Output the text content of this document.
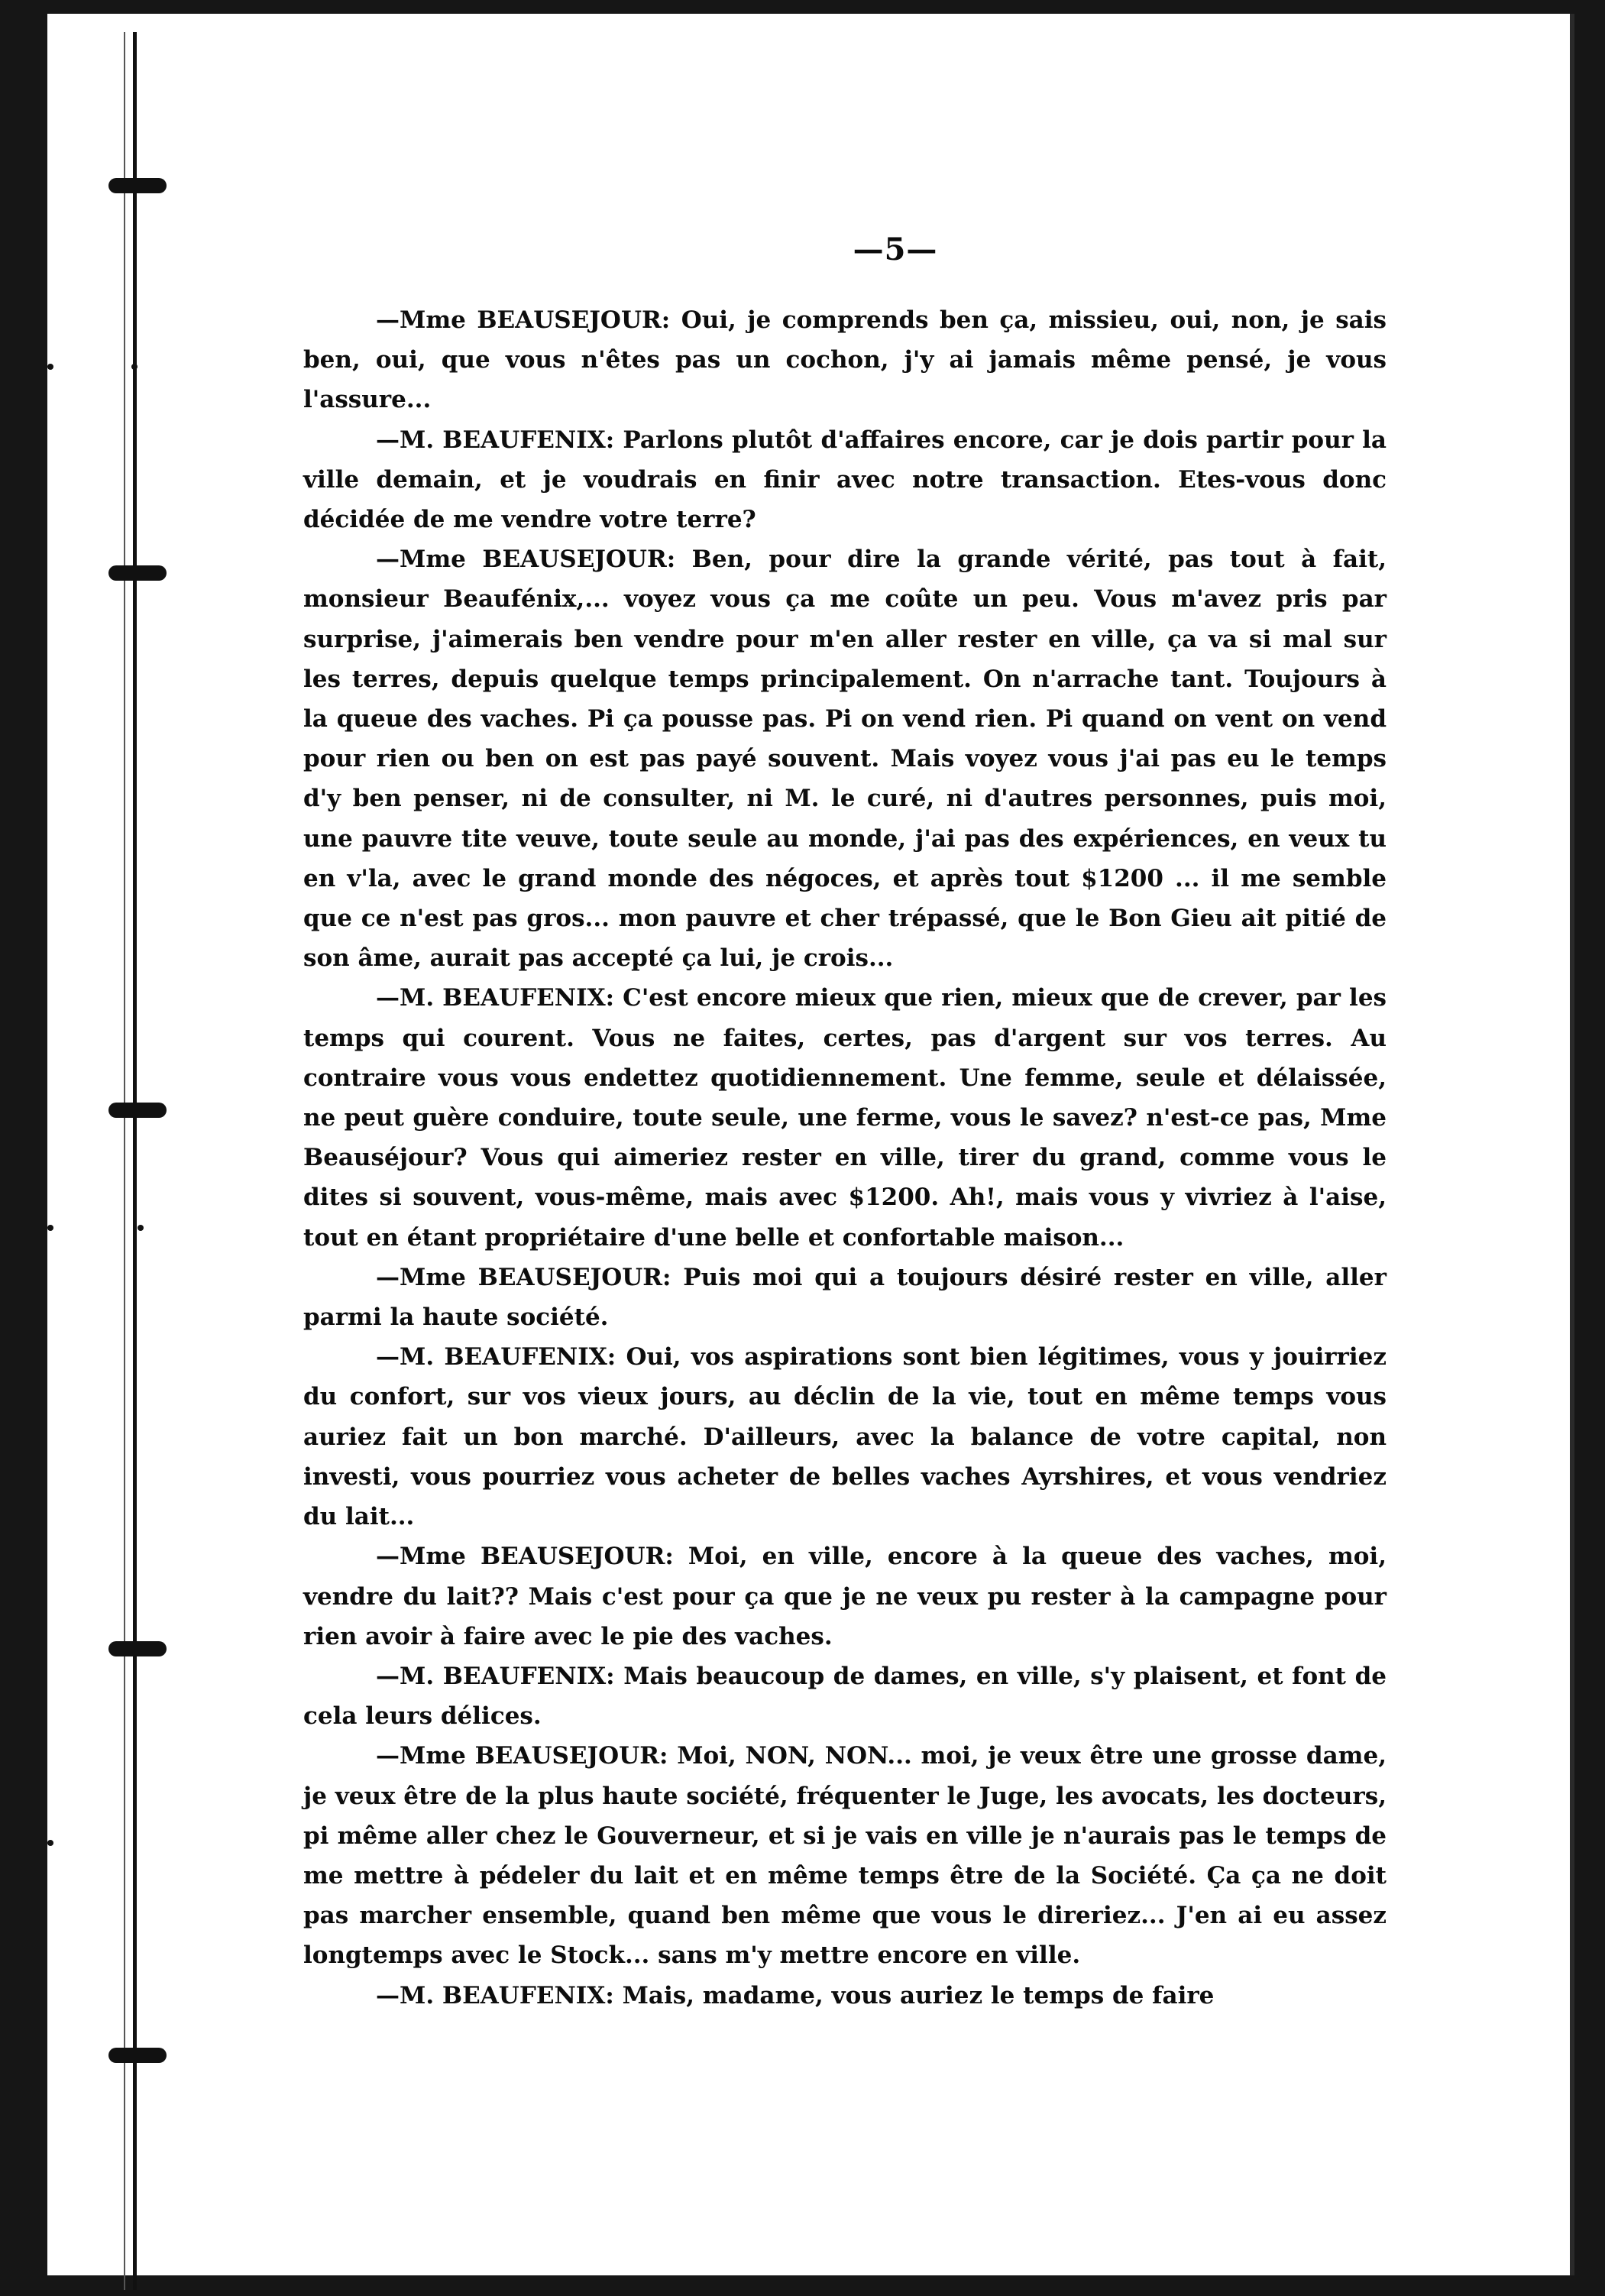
—5—

—Mme BEAUSEJOUR: Oui, je comprends ben ça, missieu, oui, non, je sais ben, oui, que vous n'êtes pas un cochon, j'y ai jamais même pensé, je vous l'assure...

—M. BEAUFENIX: Parlons plutôt d'affaires encore, car je dois partir pour la ville demain, et je voudrais en finir avec notre transaction. Etes-vous donc décidée de me vendre votre terre?

—Mme BEAUSEJOUR: Ben, pour dire la grande vérité, pas tout à fait, monsieur Beaufénix,... voyez vous ça me coûte un peu. Vous m'avez pris par surprise, j'aimerais ben vendre pour m'en aller rester en ville, ça va si mal sur les terres, depuis quelque temps principalement. On n'arrache tant. Toujours à la queue des vaches. Pi ça pousse pas. Pi on vend rien. Pi quand on vent on vend pour rien ou ben on est pas payé souvent. Mais voyez vous j'ai pas eu le temps d'y ben penser, ni de consulter, ni M. le curé, ni d'autres personnes, puis moi, une pauvre tite veuve, toute seule au monde, j'ai pas des expériences, en veux tu en v'la, avec le grand monde des négoces, et après tout $1200 ... il me semble que ce n'est pas gros... mon pauvre et cher trépassé, que le Bon Gieu ait pitié de son âme, aurait pas accepté ça lui, je crois...

—M. BEAUFENIX: C'est encore mieux que rien, mieux que de crever, par les temps qui courent. Vous ne faites, certes, pas d'argent sur vos terres. Au contraire vous vous endettez quotidiennement. Une femme, seule et délaissée, ne peut guère conduire, toute seule, une ferme, vous le savez? n'est-ce pas, Mme Beauséjour? Vous qui aimeriez rester en ville, tirer du grand, comme vous le dites si souvent, vous-même, mais avec $1200. Ah!, mais vous y vivriez à l'aise, tout en étant propriétaire d'une belle et confortable maison...

—Mme BEAUSEJOUR: Puis moi qui a toujours désiré rester en ville, aller parmi la haute société.

—M. BEAUFENIX: Oui, vos aspirations sont bien légitimes, vous y jouirriez du confort, sur vos vieux jours, au déclin de la vie, tout en même temps vous auriez fait un bon marché. D'ailleurs, avec la balance de votre capital, non investi, vous pourriez vous acheter de belles vaches Ayrshires, et vous vendriez du lait...

—Mme BEAUSEJOUR: Moi, en ville, encore à la queue des vaches, moi, vendre du lait?? Mais c'est pour ça que je ne veux pu rester à la campagne pour rien avoir à faire avec le pie des vaches.

—M. BEAUFENIX: Mais beaucoup de dames, en ville, s'y plaisent, et font de cela leurs délices.

—Mme BEAUSEJOUR: Moi, NON, NON... moi, je veux être une grosse dame, je veux être de la plus haute société, fréquenter le Juge, les avocats, les docteurs, pi même aller chez le Gouverneur, et si je vais en ville je n'aurais pas le temps de me mettre à pédeler du lait et en même temps être de la Société. Ça ça ne doit pas marcher ensemble, quand ben même que vous le direriez... J'en ai eu assez longtemps avec le Stock... sans m'y mettre encore en ville.

—M. BEAUFENIX: Mais, madame, vous auriez le temps de faire
